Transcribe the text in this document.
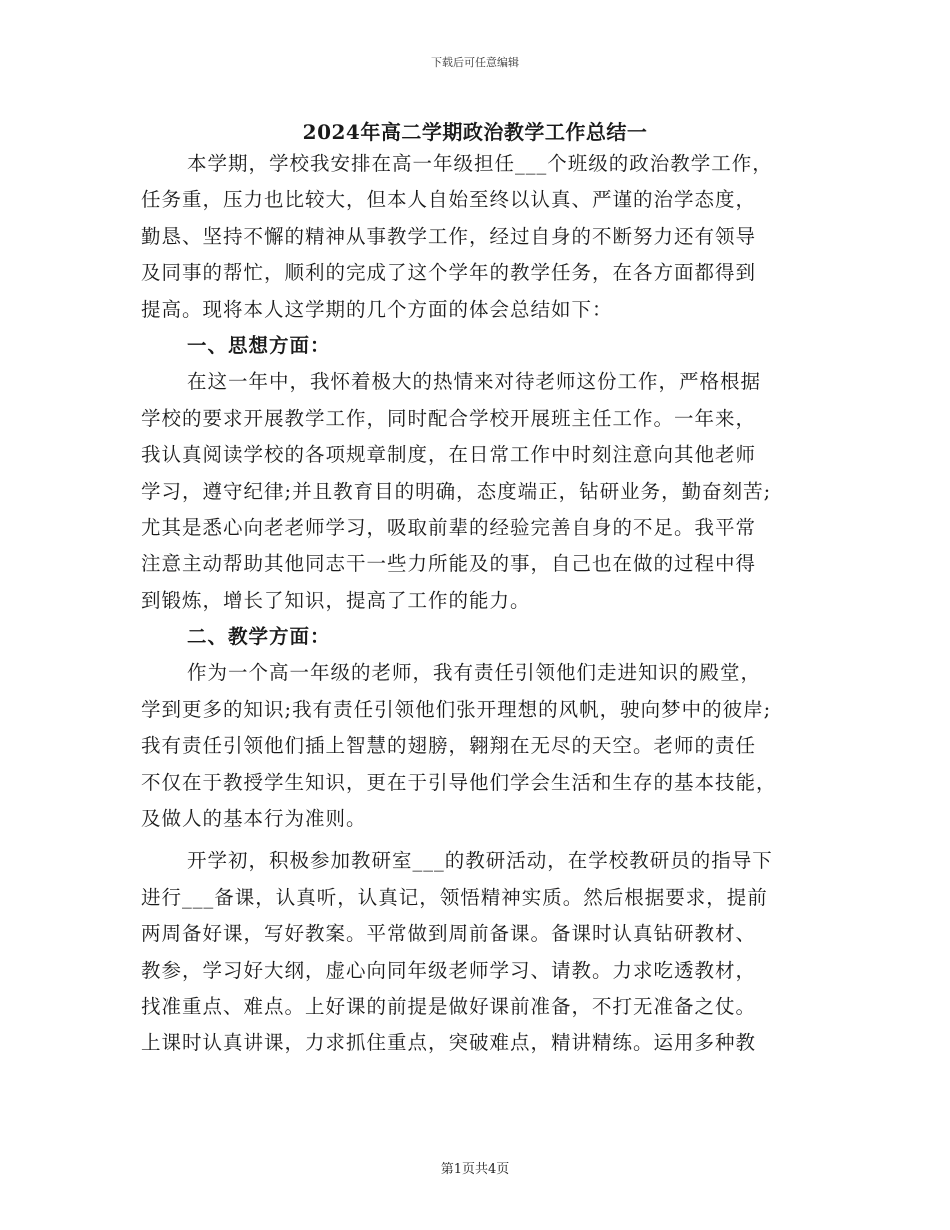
下载后可任意编辑
2024年高二学期政治教学工作总结一
本学期，学校我安排在高一年级担任___个班级的政治教学工作，
任务重，压力也比较大，但本人自始至终以认真、严谨的治学态度，
勤恳、坚持不懈的精神从事教学工作，经过自身的不断努力还有领导
及同事的帮忙，顺利的完成了这个学年的教学任务，在各方面都得到
提高。现将本人这学期的几个方面的体会总结如下：
一、思想方面：
在这一年中，我怀着极大的热情来对待老师这份工作，严格根据
学校的要求开展教学工作，同时配合学校开展班主任工作。一年来，
我认真阅读学校的各项规章制度，在日常工作中时刻注意向其他老师
学习，遵守纪律;并且教育目的明确，态度端正，钻研业务，勤奋刻苦;
尤其是悉心向老老师学习，吸取前辈的经验完善自身的不足。我平常
注意主动帮助其他同志干一些力所能及的事，自己也在做的过程中得
到锻炼，增长了知识，提高了工作的能力。
二、教学方面：
作为一个高一年级的老师，我有责任引领他们走进知识的殿堂，
学到更多的知识;我有责任引领他们张开理想的风帆，驶向梦中的彼岸;
我有责任引领他们插上智慧的翅膀，翱翔在无尽的天空。老师的责任
不仅在于教授学生知识，更在于引导他们学会生活和生存的基本技能，
及做人的基本行为准则。
开学初，积极参加教研室___的教研活动，在学校教研员的指导下
进行___备课，认真听，认真记，领悟精神实质。然后根据要求，提前
两周备好课，写好教案。平常做到周前备课。备课时认真钻研教材、
教参，学习好大纲，虚心向同年级老师学习、请教。力求吃透教材，
找准重点、难点。上好课的前提是做好课前准备，不打无准备之仗。
上课时认真讲课，力求抓住重点，突破难点，精讲精练。运用多种教
第1页共4页
